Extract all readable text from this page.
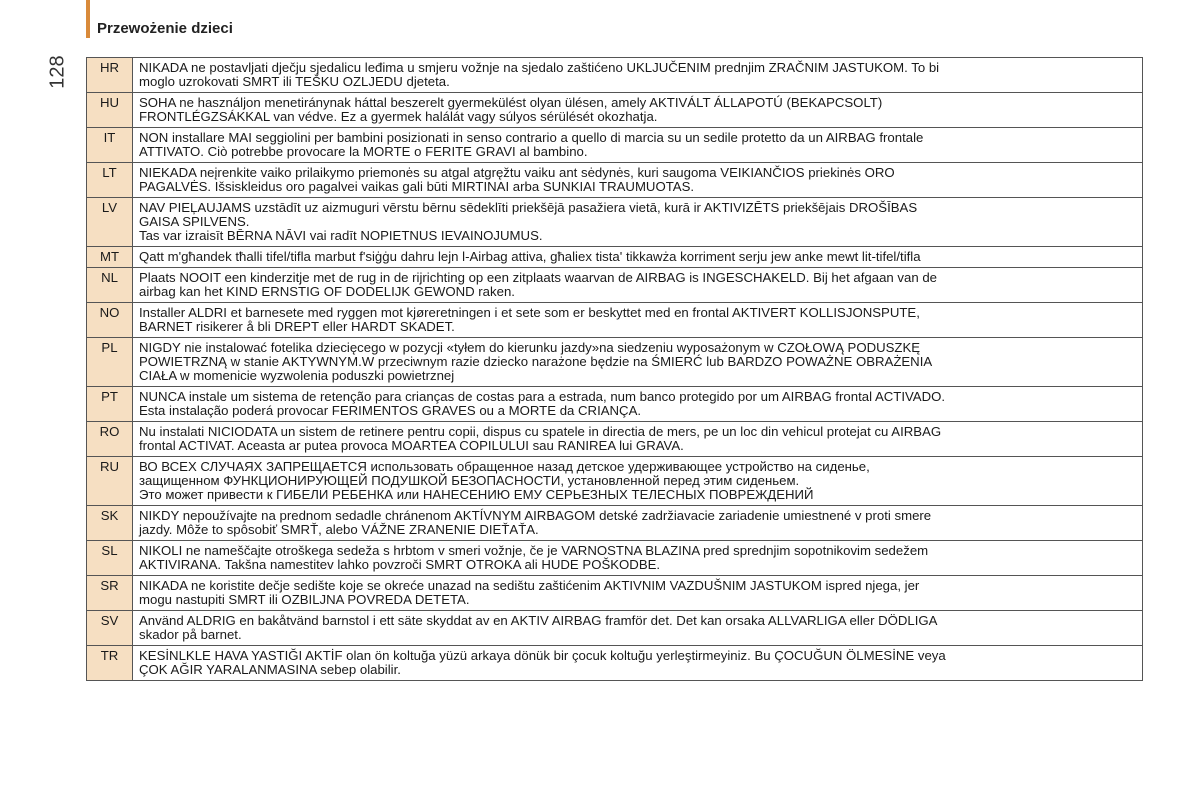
Przewożenie dzieci
128 HR	NIKADA ne postavljati dječju sjedalicu leđima u smjeru vožnje na sjedalo zaštićeno UKLJUČENIM prednjim ZRAČNIM JASTUKOM. To bi
moglo uzrokovati SMRT ili TEŠKU OZLJEDU djeteta.

HU	SOHA ne használjon menetiránynak háttal beszerelt gyermekülést olyan ülésen, amely AKTIVÁLT ÁLLAPOTÚ (BEKAPCSOLT)
FRONTLÉGZSÁKKAL van védve. Ez a gyermek halálát vagy súlyos sérülését okozhatja.

IT	NON installare MAI seggiolini per bambini posizionati in senso contrario a quello di marcia su un sedile protetto da un AIRBAG frontale
ATTIVATO. Ciò potrebbe provocare la MORTE o FERITE GRAVI al bambino.

LT	NIEKADA neįrenkite vaiko prilaikymo priemonės su atgal atgręžtu vaiku ant sėdynės, kuri saugoma VEIKIANČIOS priekinės ORO
PAGALVĖS. Išsiskleidus oro pagalvei vaikas gali būti MIRTINAI arba SUNKIAI TRAUMUOTAS.

LV	NAV PIEĻAUJAMS uzstādīt uz aizmuguri vērstu bērnu sēdeklīti priekšējā pasažiera vietā, kurā ir AKTIVIZĒTS priekšējais DROŠĪBAS
GAISA SPILVENS.
Tas var izraisīt BĒRNA NĀVI vai radīt NOPIETNUS IEVAINOJUMUS.

MT	Qatt m'għandek tħalli tifel/tifla marbut f'siġġu dahru lejn l-Airbag attiva, għaliex tista' tikkawża korriment serju jew anke mewt lit-tifel/tifla

NL	Plaats NOOIT een kinderzitje met de rug in de rijrichting op een zitplaats waarvan de AIRBAG is INGESCHAKELD. Bij het afgaan van de
airbag kan het KIND ERNSTIG OF DODELIJK GEWOND raken.

NO	Installer ALDRI et barnesete med ryggen mot kjøreretningen i et sete som er beskyttet med en frontal AKTIVERT KOLLISJONSPUTE,
BARNET risikerer å bli DREPT eller HARDT SKADET.

PL	NIGDY nie instalować fotelika dziecięcego w pozycji «tyłem do kierunku jazdy»na siedzeniu wyposażonym w CZOŁOWĄ PODUSZKĘ
POWIETRZNĄ w stanie AKTYWNYM.W przeciwnym razie dziecko narażone będzie na ŚMIERĆ lub BARDZO POWAŻNE OBRAŻENIA
CIAŁA w momenicie wyzwolenia poduszki powietrznej

PT	NUNCA instale um sistema de retenção para crianças de costas para a estrada, num banco protegido por um AIRBAG frontal ACTIVADO.
Esta instalação poderá provocar FERIMENTOS GRAVES ou a MORTE da CRIANÇA.

RO	Nu instalati NICIODATA un sistem de retinere pentru copii, dispus cu spatele in directia de mers, pe un loc din vehicul protejat cu AIRBAG
frontal ACTIVAT. Aceasta ar putea provoca MOARTEA COPILULUI sau RANIREA lui GRAVA.

RU	ВО ВСЕХ СЛУЧАЯХ ЗАПРЕЩАЕТСЯ использовать обращенное назад детское удерживающее устройство на сиденье,
защищенном ФУНКЦИОНИРУЮЩЕЙ ПОДУШКОЙ БЕЗОПАСНОСТИ, установленной перед этим сиденьем.
Это может привести к ГИБЕЛИ РЕБЕНКА или НАНЕСЕНИЮ ЕМУ СЕРЬЕЗНЫХ ТЕЛЕСНЫХ ПОВРЕЖДЕНИЙ

SK	NIKDY nepoužívajte na prednom sedadle chránenom AKTÍVNYM AIRBAGOM detské zadržiavacie zariadenie umiestnené v proti smere
jazdy. Môže to spôsobiť SMRŤ, alebo VÁŽNE ZRANENIE DIEŤAŤA.

SL	NIKOLI ne nameščajte otroškega sedeža s hrbtom v smeri vožnje, če je VARNOSTNA BLAZINA pred sprednjim sopotnikovim sedežem
AKTIVIRANA. Takšna namestitev lahko povzroči SMRT OTROKA ali HUDE POŠKODBE.

SR	NIKADA ne koristite dečje sedište koje se okreće unazad na sedištu zaštićenim AKTIVNIM VAZDUŠNIM JASTUKOM ispred njega, jer
mogu nastupiti SMRT ili OZBILJNA POVREDA DETETA.

SV	Använd ALDRIG en bakåtvänd barnstol i ett säte skyddat av en AKTIV AIRBAG framför det. Det kan orsaka ALLVARLIGA eller DÖDLIGA
skador på barnet.

TR	KESİNLKLE HAVA YASTIĞI AKTİF olan ön koltuğa yüzü arkaya dönük bir çocuk koltuğu yerleştirmeyiniz. Bu ÇOCUĞUN ÖLMESİNE veya
ÇOK AĞIR YARALANMASINA sebep olabilir.
